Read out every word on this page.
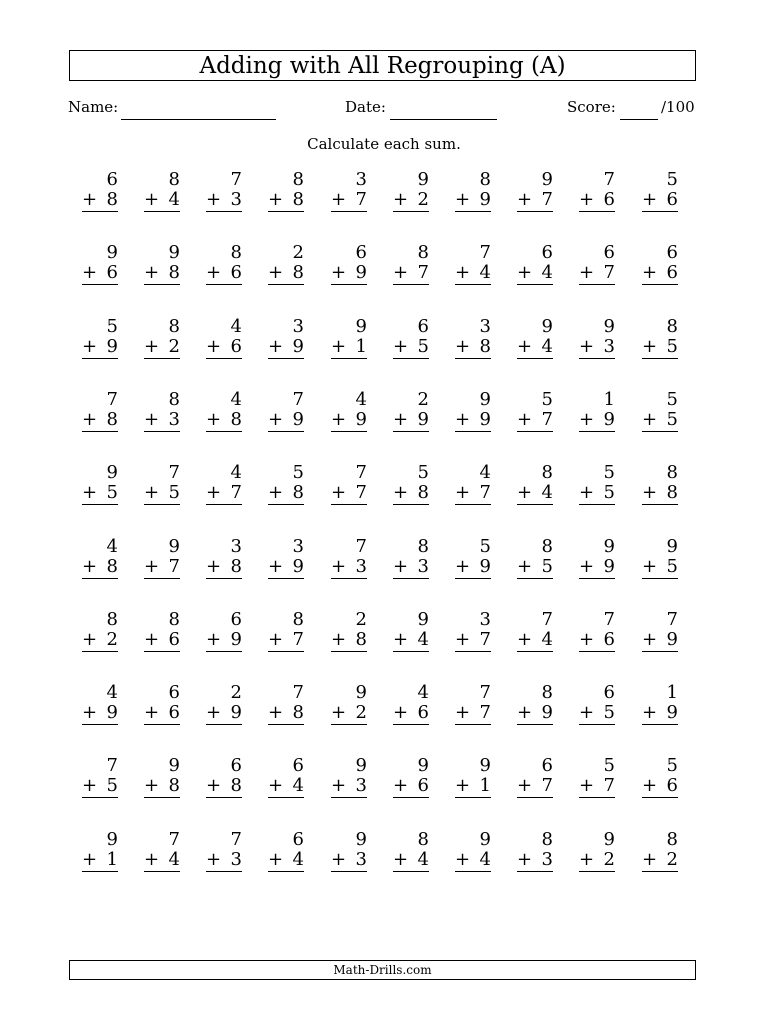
Adding with All Regrouping (A)
Name:	Date:	Score:	/100
Calculate each sum.
6
+ 8
8
+ 4
7
+ 3
8
+ 8
3
+ 7
9
+ 2
8
+ 9
9
+ 7
7
+ 6
5
+ 6
9
+ 6
9
+ 8
8
+ 6
2
+ 8
6
+ 9
8
+ 7
7
+ 4
6
+ 4
6
+ 7
6
+ 6
5
+ 9
8
+ 2
4
+ 6
3
+ 9
9
+ 1
6
+ 5
3
+ 8
9
+ 4
9
+ 3
8
+ 5
7
+ 8
8
+ 3
4
+ 8
7
+ 9
4
+ 9
2
+ 9
9
+ 9
5
+ 7
1
+ 9
5
+ 5
9
+ 5
7
+ 5
4
+ 7
5
+ 8
7
+ 7
5
+ 8
4
+ 7
8
+ 4
5
+ 5
8
+ 8
4
+ 8
9
+ 7
3
+ 8
3
+ 9
7
+ 3
8
+ 3
5
+ 9
8
+ 5
9
+ 9
9
+ 5
8
+ 2
8
+ 6
6
+ 9
8
+ 7
2
+ 8
9
+ 4
3
+ 7
7
+ 4
7
+ 6
7
+ 9
4
+ 9
6
+ 6
2
+ 9
7
+ 8
9
+ 2
4
+ 6
7
+ 7
8
+ 9
6
+ 5
1
+ 9
7
+ 5
9
+ 8
6
+ 8
6
+ 4
9
+ 3
9
+ 6
9
+ 1
6
+ 7
5
+ 7
5
+ 6
9
+ 1
7
+ 4
7
+ 3
6
+ 4
9
+ 3
8
+ 4
9
+ 4
8
+ 3
9
+ 2
8
+ 2
Math-Drills.com
